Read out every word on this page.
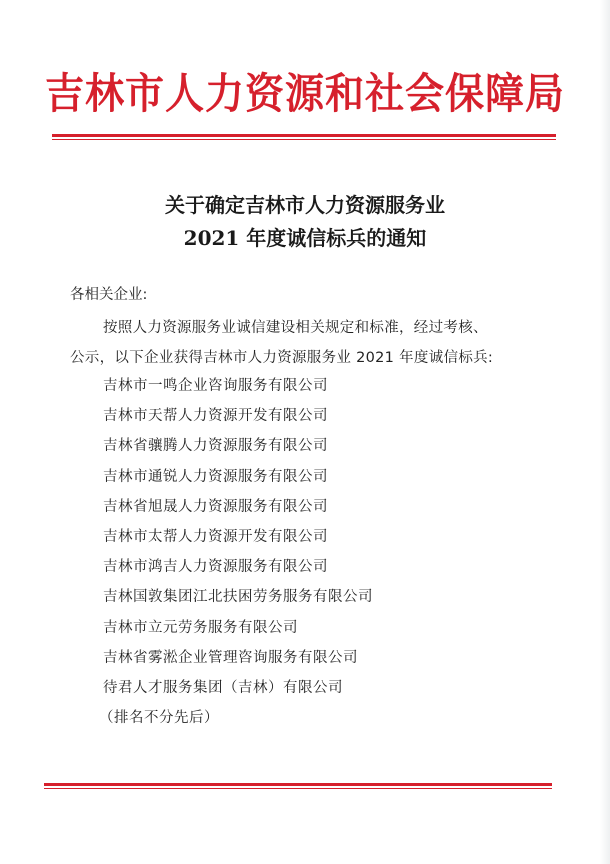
吉林市人力资源和社会保障局
关于确定吉林市人力资源服务业
2021 年度诚信标兵的通知
各相关企业:
按照人力资源服务业诚信建设相关规定和标准，经过考核、
公示，以下企业获得吉林市人力资源服务业 2021 年度诚信标兵:
吉林市一鸣企业咨询服务有限公司
吉林市天帮人力资源开发有限公司
吉林省骧腾人力资源服务有限公司
吉林市通锐人力资源服务有限公司
吉林省旭晟人力资源服务有限公司
吉林市太帮人力资源开发有限公司
吉林市鸿吉人力资源服务有限公司
吉林国敦集团江北扶困劳务服务有限公司
吉林市立元劳务服务有限公司
吉林省雾淞企业管理咨询服务有限公司
待君人才服务集团（吉林）有限公司
（排名不分先后）
